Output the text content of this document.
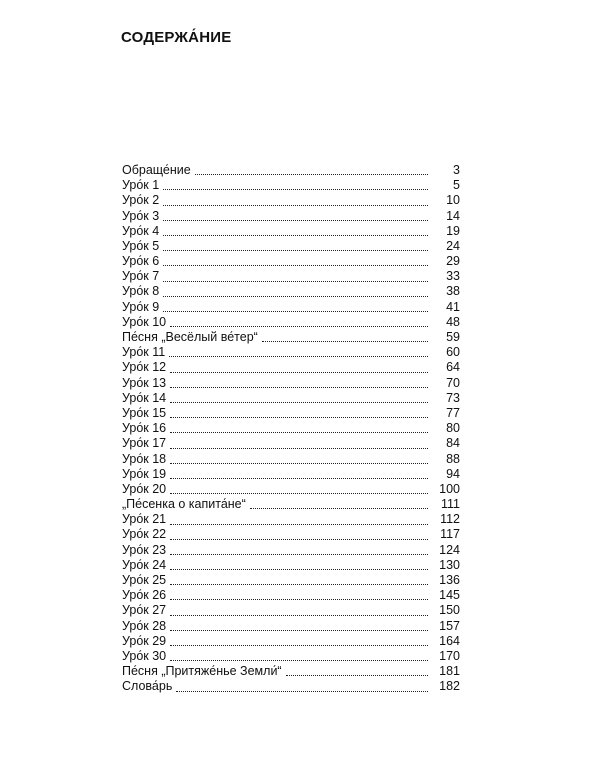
СОДЕРЖА́НИЕ
Обраще́ние	3
Уро́к 1	5
Уро́к 2	10
Уро́к 3	14
Уро́к 4	19
Уро́к 5	24
Уро́к 6	29
Уро́к 7	33
Уро́к 8	38
Уро́к 9	41
Уро́к 10	48
Пе́сня „Весёлый ве́тер“	59
Уро́к 11	60
Уро́к 12	64
Уро́к 13	70
Уро́к 14	73
Уро́к 15	77
Уро́к 16	80
Уро́к 17	84
Уро́к 18	88
Уро́к 19	94
Уро́к 20	100
„Пе́сенка о капита́не“	111
Уро́к 21	112
Уро́к 22	117
Уро́к 23	124
Уро́к 24	130
Уро́к 25	136
Уро́к 26	145
Уро́к 27	150
Уро́к 28	157
Уро́к 29	164
Уро́к 30	170
Пе́сня „Притяже́нье Земли́“	181
Слова́рь	182
